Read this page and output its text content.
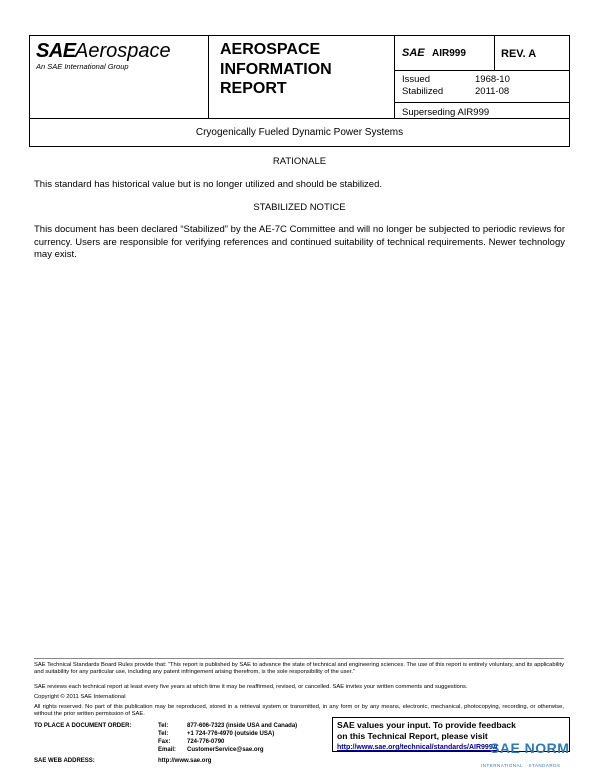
SAE Aerospace
An SAE International Group
AEROSPACE
INFORMATION
REPORT
SAE AIR999	REV. A
Issued	1968-10
Stabilized	2011-08
Superseding AIR999
Cryogenically Fueled Dynamic Power Systems
RATIONALE
This standard has historical value but is no longer utilized and should be stabilized.
STABILIZED NOTICE
This document has been declared “Stabilized” by the AE-7C Committee and will no longer be subjected to periodic reviews for currency. Users are responsible for verifying references and continued suitability of technical requirements. Newer technology may exist.
SAE Technical Standards Board Rules provide that: “This report is published by SAE to advance the state of technical and engineering sciences. The use of this report is entirely voluntary, and its applicability and suitability for any particular use, including any patent infringement arising therefrom, is the sole responsibility of the user.”
SAE reviews each technical report at least every five years at which time it may be reaffirmed, revised, or cancelled. SAE invites your written comments and suggestions.
Copyright © 2011 SAE International
All rights reserved. No part of this publication may be reproduced, stored in a retrieval system or transmitted, in any form or by any means, electronic, mechanical, photocopying, recording, or otherwise, without the prior written permission of SAE.
TO PLACE A DOCUMENT ORDER:	Tel:	877-606-7323 (inside USA and Canada)
Tel:	+1 724-776-4970 (outside USA)
Fax:	724-776-0790
Email: CustomerService@sae.org
SAE WEB ADDRESS:	http://www.sae.org
SAE values your input. To provide feedback
on this Technical Report, please visit
http://www.sae.org/technical/standards/AIR999A
SAE NORM
INTERNATIONAL · STANDARDS
